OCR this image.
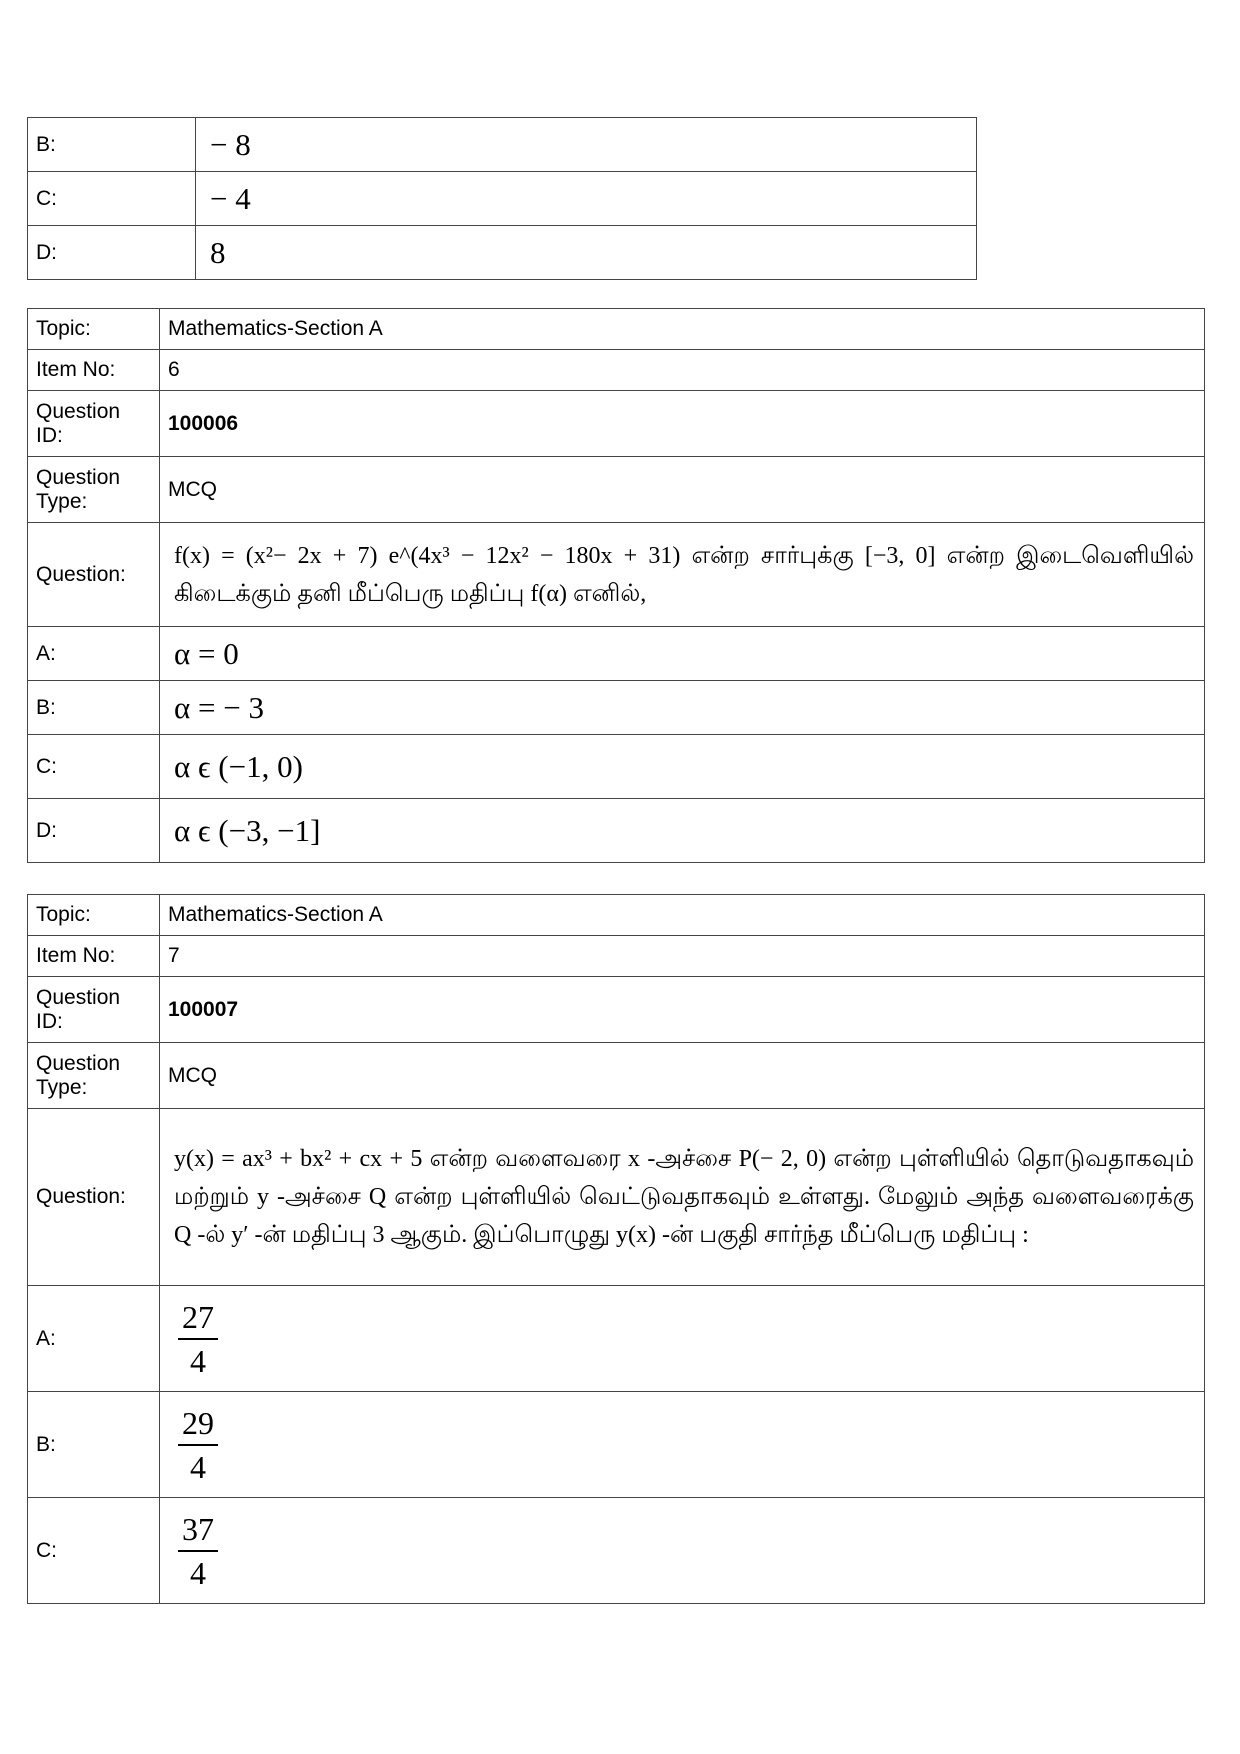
B:	− 8
C:	− 4
D:	8
Topic:	Mathematics-Section A
Item No:	6
Question ID:	100006
Question Type:	MCQ
Question:	f(x) = (x²− 2x + 7) e^(4x³ − 12x² − 180x + 31) என்ற சார்புக்கு [−3, 0] என்ற இடைவெளியில் கிடைக்கும் தனி மீப்பெரு மதிப்பு f(α) எனில்,
A:	α = 0
B:	α = − 3
C:	α ϵ (−1, 0)
D:	α ϵ (−3, −1]
Topic:	Mathematics-Section A
Item No:	7
Question ID:	100007
Question Type:	MCQ
Question:	y(x) = ax³ + bx² + cx + 5 என்ற வளைவரை x -அச்சை P(− 2, 0) என்ற புள்ளியில் தொடுவதாகவும் மற்றும் y -அச்சை Q என்ற புள்ளியில் வெட்டுவதாகவும் உள்ளது. மேலும் அந்த வளைவரைக்கு Q -ல் y′ -ன் மதிப்பு 3 ஆகும். இப்பொழுது y(x) -ன் பகுதி சார்ந்த மீப்பெரு மதிப்பு :
A:	$\frac{27}{4}$

B:	$\frac{29}{4}$

C:	$\frac{37}{4}$
